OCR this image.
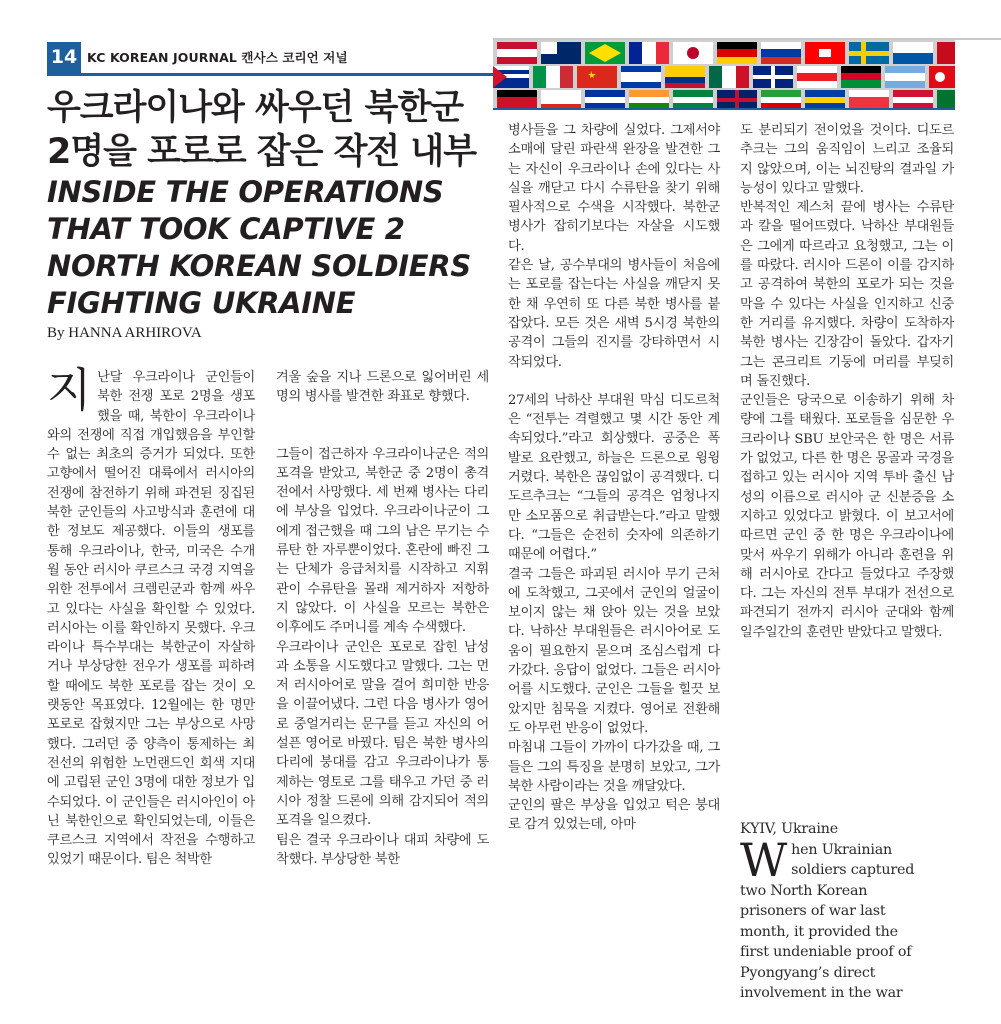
14 KC KOREAN JOURNAL 캔사스 코리언 저널
우크라이나와 싸우던 북한군 2명을 포로로 잡은 작전 내부 INSIDE THE OPERATIONS THAT TOOK CAPTIVE 2 NORTH KOREAN SOLDIERS FIGHTING UKRAINE
By HANNA ARHIROVA
지 난달 우크라이나 군인들이 북한 전쟁 포로 2명을 생포했을 때, 북한이 우크라이나와의 전쟁에 직접 개입했음을 부인할 수 없는 최초의 증거가 되었다. 또한 고향에서 떨어진 대륙에서 러시아의 전쟁에 참전하기 위해 파견된 징집된 북한 군인들의 사고방식과 훈련에 대한 정보도 제공했다. 이들의 생포를 통해 우크라이나, 한국, 미국은 수개월 동안 러시아 쿠르스크 국경 지역을 위한 전투에서 크렘린군과 함께 싸우고 있다는 사실을 확인할 수 있었다. 러시아는 이를 확인하지 못했다. 우크라이나 특수부대는 북한군이 자살하거나 부상당한 전우가 생포를 피하려 할 때에도 북한 포로를 잡는 것이 오랫동안 목표였다. 12월에는 한 명만 포로로 잡혔지만 그는 부상으로 사망했다. 그러던 중 양측이 통제하는 최전선의 위험한 노먼랜드인 회색 지대에 고립된 군인 3명에 대한 정보가 입수되었다. 이 군인들은 러시아인이 아닌 북한인으로 확인되었는데, 이들은 쿠르스크 지역에서 작전을 수행하고 있었기 때문이다. 팀은 척박한

겨울 숲을 지나 드론으로 잃어버린 세 명의 병사를 발견한 좌표로 향했다.

그들이 접근하자 우크라이나군은 적의 포격을 받았고, 북한군 중 2명이 총격전에서 사망했다. 세 번째 병사는 다리에 부상을 입었다. 우크라이나군이 그에게 접근했을 때 그의 남은 무기는 수류탄 한 자루뿐이었다. 혼란에 빠진 그는 단체가 응급처치를 시작하고 지휘관이 수류탄을 몰래 제거하자 저항하지 않았다. 이 사실을 모르는 북한은 이후에도 주머니를 계속 수색했다.

우크라이나 군인은 포로로 잡힌 남성과 소통을 시도했다고 말했다. 그는 먼저 러시아어로 말을 걸어 희미한 반응을 이끌어냈다. 그런 다음 병사가 영어로 중얼거리는 문구를 듣고 자신의 어설픈 영어로 바꿨다. 팀은 북한 병사의 다리에 붕대를 감고 우크라이나가 통제하는 영토로 그를 태우고 가던 중 러시아 정찰 드론에 의해 감지되어 적의 포격을 일으켰다.

팀은 결국 우크라이나 대피 차량에 도착했다. 부상당한 북한

병사들을 그 차량에 실었다. 그제서야 소매에 달린 파란색 완장을 발견한 그는 자신이 우크라이나 손에 있다는 사실을 깨닫고 다시 수류탄을 찾기 위해 필사적으로 수색을 시작했다. 북한군 병사가 잡히기보다는 자살을 시도했다.

같은 날, 공수부대의 병사들이 처음에는 포로를 잡는다는 사실을 깨닫지 못한 채 우연히 또 다른 북한 병사를 붙잡았다. 모든 것은 새벽 5시경 북한의 공격이 그들의 진지를 강타하면서 시작되었다.

27세의 낙하산 부대원 막심 디도르척은 “전투는 격렬했고 몇 시간 동안 계속되었다.”라고 회상했다. 공중은 폭발로 요란했고, 하늘은 드론으로 윙윙거렸다. 북한은 끊임없이 공격했다. 디도르추크는 “그들의 공격은 엄청나지만 소모품으로 취급받는다.”라고 말했다. “그들은 순전히 숫자에 의존하기 때문에 어렵다.”

결국 그들은 파괴된 러시아 무기 근처에 도착했고, 그곳에서 군인의 얼굴이 보이지 않는 채 앉아 있는 것을 보았다. 낙하산 부대원들은 러시아어로 도움이 필요한지 묻으며 조심스럽게 다가갔다. 응답이 없었다. 그들은 러시아어를 시도했다. 군인은 그들을 힐끗 보았지만 침묵을 지켰다. 영어로 전환해도 아무런 반응이 없었다.

마침내 그들이 가까이 다가갔을 때, 그들은 그의 특징을 분명히 보았고, 그가 북한 사람이라는 것을 깨달았다.

군인의 팔은 부상을 입었고 턱은 붕대로 감겨 있었는데, 아마

도 분리되기 전이었을 것이다. 디도르추크는 그의 움직임이 느리고 조율되지 않았으며, 이는 뇌진탕의 결과일 가능성이 있다고 말했다.

반복적인 제스처 끝에 병사는 수류탄과 칼을 떨어뜨렸다. 낙하산 부대원들은 그에게 따르라고 요청했고, 그는 이를 따랐다. 러시아 드론이 이를 감지하고 공격하여 북한의 포로가 되는 것을 막을 수 있다는 사실을 인지하고 신중한 거리를 유지했다. 차량이 도착하자 북한 병사는 긴장감이 돌았다. 갑자기 그는 콘크리트 기둥에 머리를 부딪히며 돌진했다.

군인들은 당국으로 이송하기 위해 차량에 그를 태웠다. 포로들을 심문한 우크라이나 SBU 보안국은 한 명은 서류가 없었고, 다른 한 명은 몽골과 국경을 접하고 있는 러시아 지역 투바 출신 남성의 이름으로 러시아 군 신분증을 소지하고 있었다고 밝혔다. 이 보고서에 따르면 군인 중 한 명은 우크라이나에 맞서 싸우기 위해가 아니라 훈련을 위해 러시아로 간다고 들었다고 주장했다. 그는 자신의 전투 부대가 전선으로 파견되기 전까지 러시아 군대와 함께 일주일간의 훈련만 받았다고 말했다.

KYIV, Ukraine

W hen Ukrainian soldiers captured two North Korean prisoners of war last month, it provided the first undeniable proof of Pyongyang’s direct involvement in the war
